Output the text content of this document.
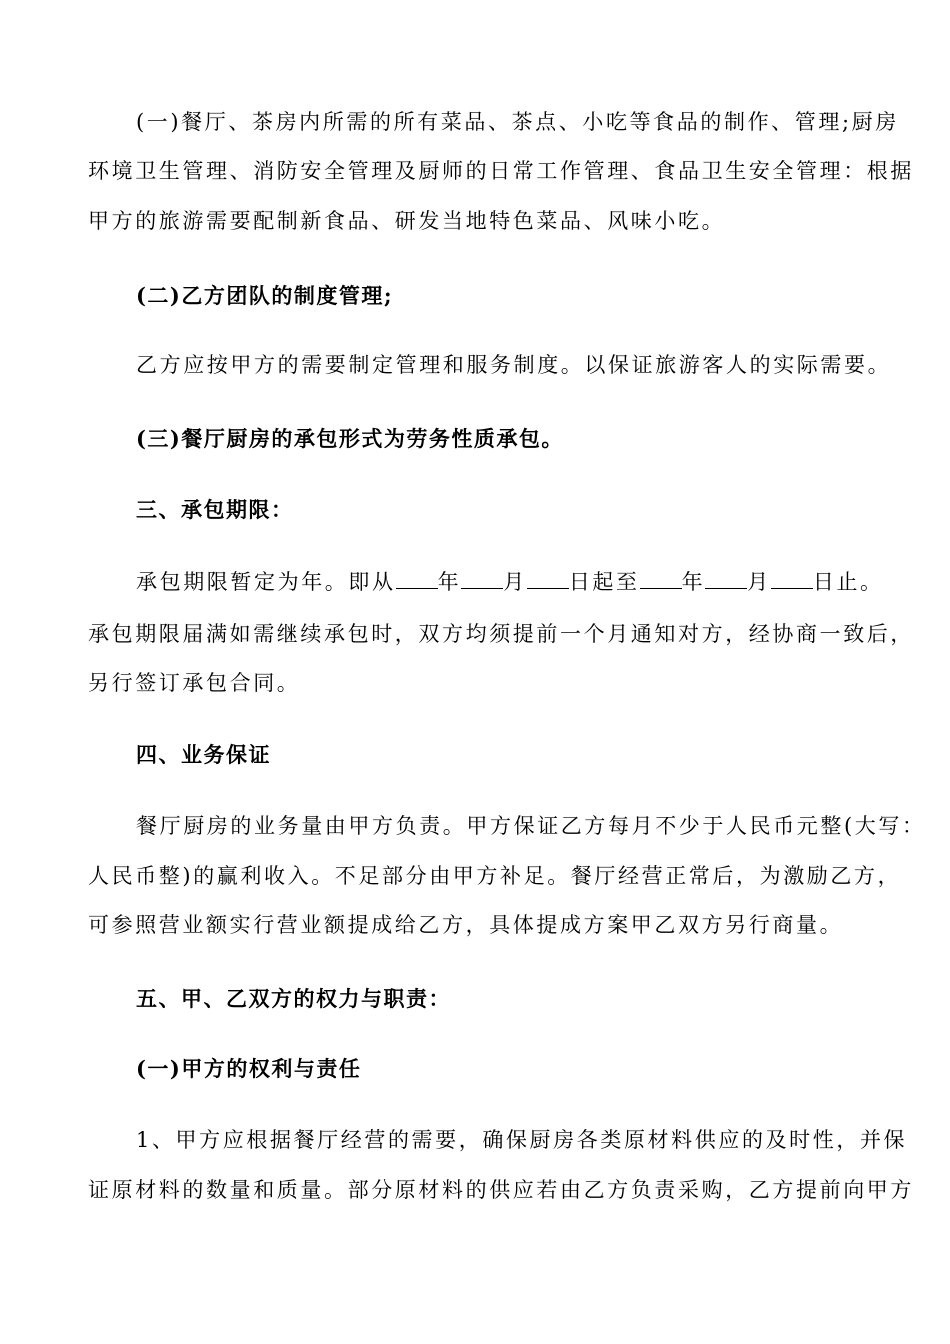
(一)餐厅、茶房内所需的所有菜品、茶点、小吃等食品的制作、管理;厨房
环境卫生管理、消防安全管理及厨师的日常工作管理、食品卫生安全管理：根据
甲方的旅游需要配制新食品、研发当地特色菜品、风味小吃。
(二)乙方团队的制度管理;
乙方应按甲方的需要制定管理和服务制度。以保证旅游客人的实际需要。
(三)餐厅厨房的承包形式为劳务性质承包。
三、承包期限：
承包期限暂定为年。即从 年 月 日起至 年 月 日止。
承包期限届满如需继续承包时，双方均须提前一个月通知对方，经协商一致后，
另行签订承包合同。
四、业务保证
餐厅厨房的业务量由甲方负责。甲方保证乙方每月不少于人民币元整(大写：
人民币整)的赢利收入。不足部分由甲方补足。餐厅经营正常后，为激励乙方，
可参照营业额实行营业额提成给乙方，具体提成方案甲乙双方另行商量。
五、甲、乙双方的权力与职责：
(一)甲方的权利与责任
1、甲方应根据餐厅经营的需要，确保厨房各类原材料供应的及时性，并保
证原材料的数量和质量。部分原材料的供应若由乙方负责采购，乙方提前向甲方
